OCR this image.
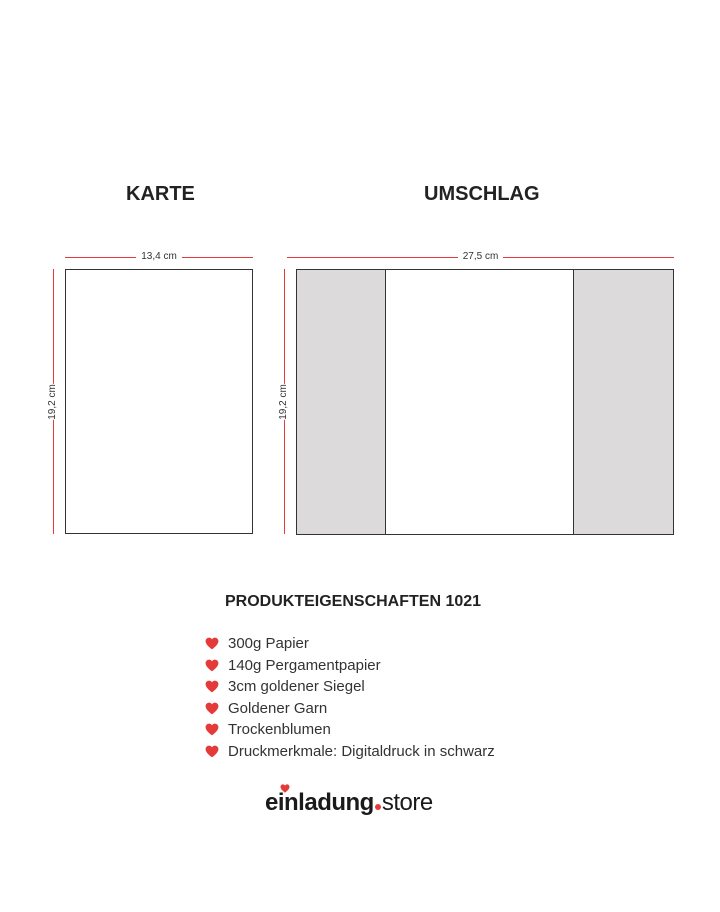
KARTE	UMSCHLAG
13,4 cm
19,2 cm
27,5 cm
19,2 cm
PRODUKTEIGENSCHAFTEN 1021
300g Papier
140g Pergamentpapier
3cm goldener Siegel
Goldener Garn
Trockenblumen
Druckmerkmale: Digitaldruck in schwarz
einladung store
